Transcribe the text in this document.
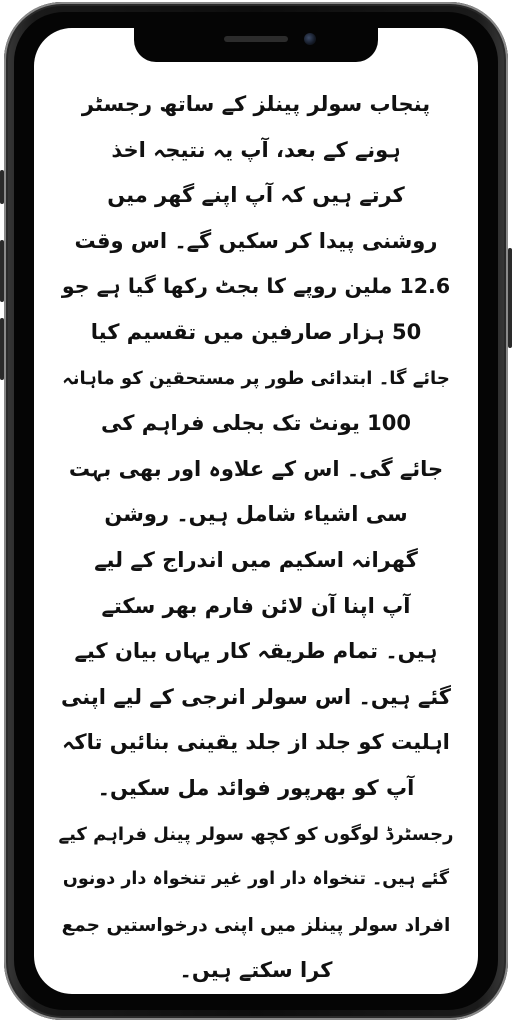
پنجاب سولر پینلز کے ساتھ رجسٹر
ہونے کے بعد، آپ یہ نتیجہ اخذ
کرتے ہیں کہ آپ اپنے گھر میں
روشنی پیدا کر سکیں گے۔ اس وقت
12.6 ملین روپے کا بجٹ رکھا گیا ہے جو
50 ہزار صارفین میں تقسیم کیا
جائے گا۔ ابتدائی طور پر مستحقین کو ماہانہ
100 یونٹ تک بجلی فراہم کی
جائے گی۔ اس کے علاوہ اور بھی بہت
سی اشیاء شامل ہیں۔ روشن
گھرانہ اسکیم میں اندراج کے لیے
آپ اپنا آن لائن فارم بھر سکتے
ہیں۔ تمام طریقہ کار یہاں بیان کیے
گئے ہیں۔ اس سولر انرجی کے لیے اپنی
اہلیت کو جلد از جلد یقینی بنائیں تاکہ
آپ کو بھرپور فوائد مل سکیں۔
رجسٹرڈ لوگوں کو کچھ سولر پینل فراہم کیے
گئے ہیں۔ تنخواہ دار اور غیر تنخواہ دار دونوں
افراد سولر پینلز میں اپنی درخواستیں جمع
کرا سکتے ہیں۔
